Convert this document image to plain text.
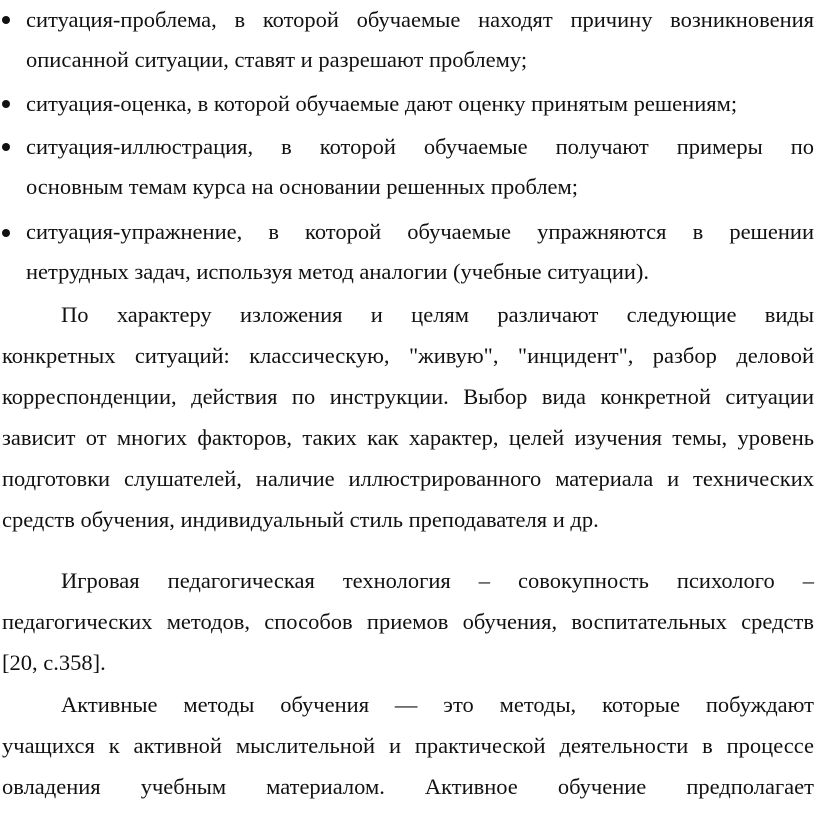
ситуация-проблема, в которой обучаемые находят причину возникновения
описанной ситуации, ставят и разрешают проблему;
ситуация-оценка, в которой обучаемые дают оценку принятым решениям;
ситуация-иллюстрация, в которой обучаемые получают примеры по
основным темам курса на основании решенных проблем;
ситуация-упражнение, в которой обучаемые упражняются в решении
нетрудных задач, используя метод аналогии (учебные ситуации).
По характеру изложения и целям различают следующие виды
конкретных ситуаций: классическую, "живую", "инцидент", разбор деловой
корреспонденции, действия по инструкции. Выбор вида конкретной ситуации
зависит от многих факторов, таких как характер, целей изучения темы, уровень
подготовки слушателей, наличие иллюстрированного материала и технических
средств обучения, индивидуальный стиль преподавателя и др.
Игровая педагогическая технология – совокупность психолого –
педагогических методов, способов приемов обучения, воспитательных средств
[20, с.358].
Активные методы обучения — это методы, которые побуждают
учащихся к активной мыслительной и практической деятельности в процессе
овладения учебным материалом. Активное обучение предполагает
